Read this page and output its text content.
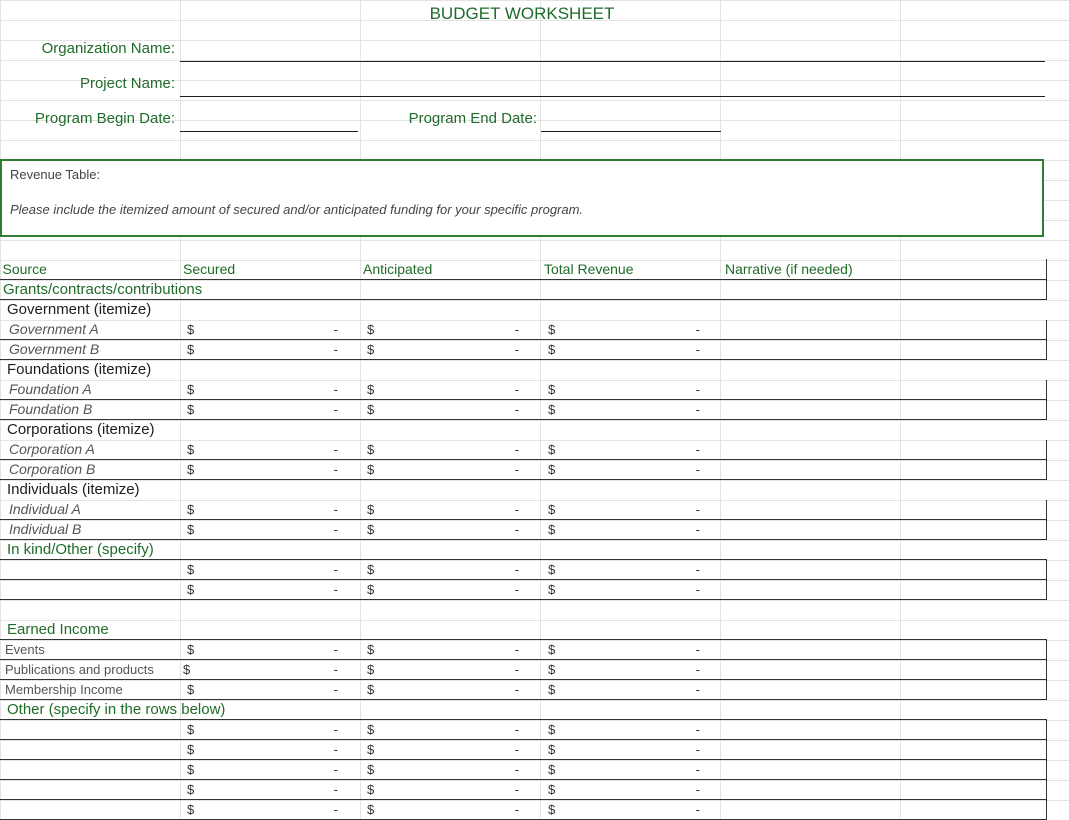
BUDGET WORKSHEET
Organization Name:
Project Name:
Program Begin Date:	Program End Date:
Revenue Table:
Please include the itemized amount of secured and/or anticipated funding for your specific program.
Source	Secured	Anticipated	Total Revenue	Narrative (if needed)
Grants/contracts/contributions				
Government (itemize)				
Government A	$ -	$ -	$ -	

Government B	$ -	$ -	$ -	

Foundations (itemize)				
Foundation A	$ -	$ -	$ -	

Foundation B	$ -	$ -	$ -	

Corporations (itemize)				
Corporation A	$ -	$ -	$ -	

Corporation B	$ -	$ -	$ -	

Individuals (itemize)				
Individual A	$ -	$ -	$ -	

Individual B	$ -	$ -	$ -	

In kind/Other (specify)				

	$ -	$ -	$ -	

	$ -	$ -	$ -	

Earned Income				
Events	$ -	$ -	$ -	

Publications and products	$ -	$ -	$ -	

Membership Income	$ -	$ -	$ -	

Other (specify in the rows below)				

	$ -	$ -	$ -	

	$ -	$ -	$ -	

	$ -	$ -	$ -	

	$ -	$ -	$ -	

	$ -	$ -	$ -	
